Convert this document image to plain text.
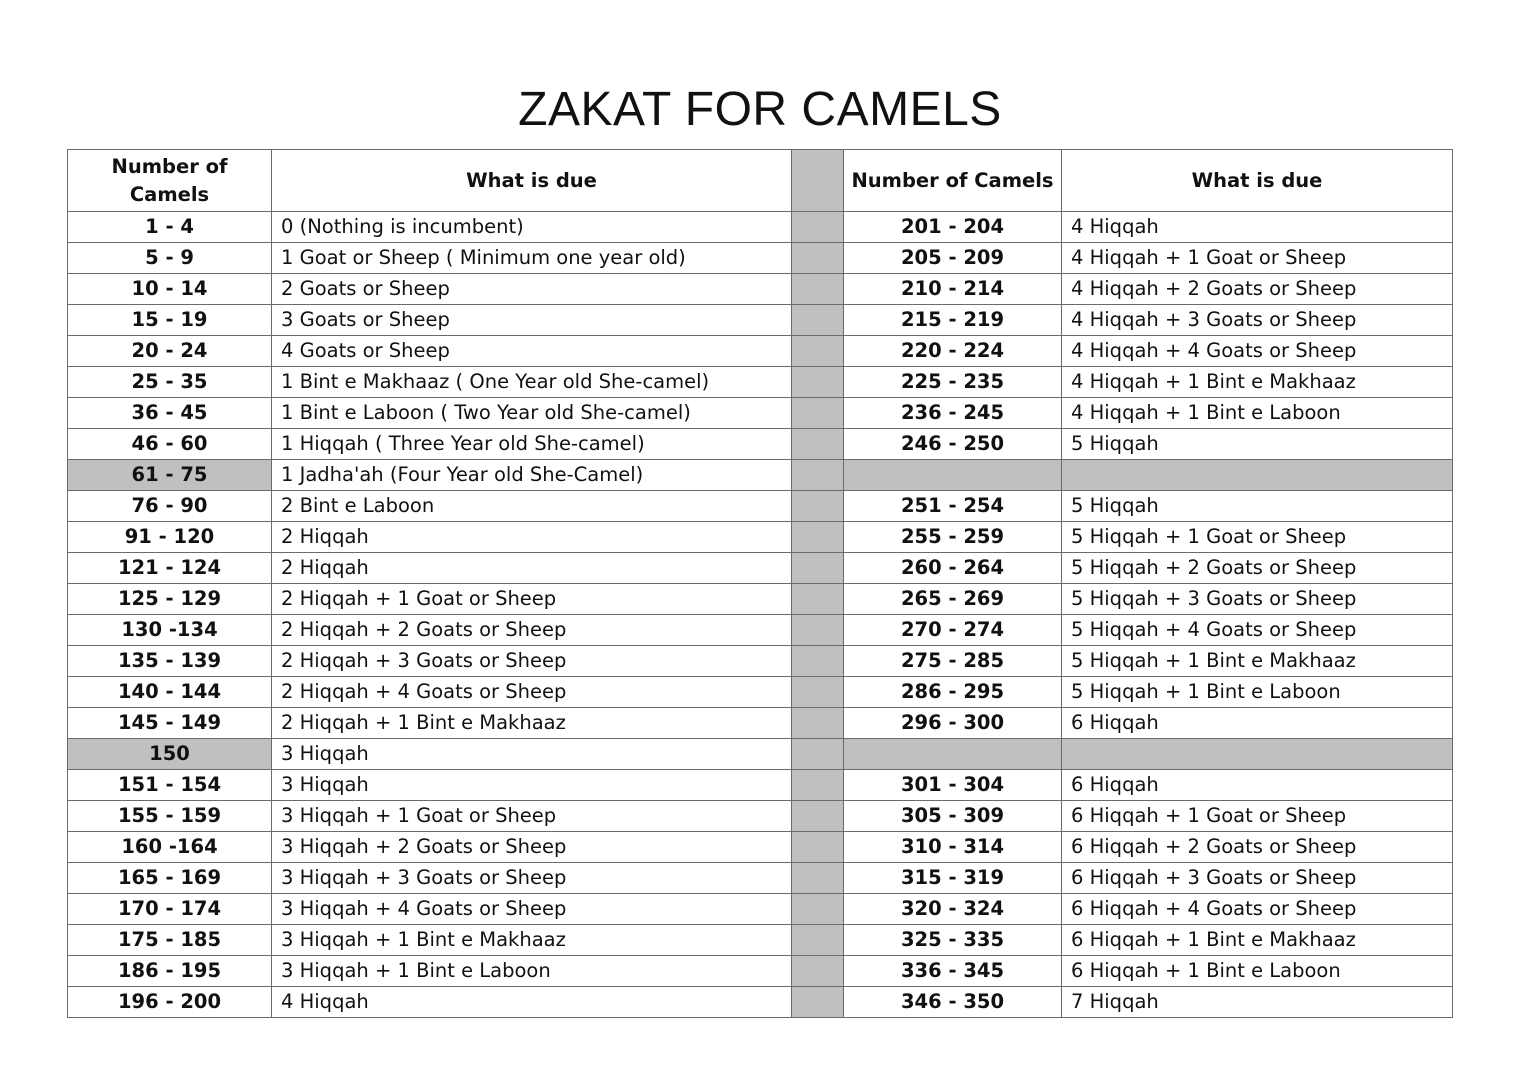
ZAKAT FOR CAMELS
Number of Camels	What is due		Number of Camels	What is due
1 - 4	0 (Nothing is incumbent)		201 - 204	4 Hiqqah
5 - 9	1 Goat or Sheep ( Minimum one year old)		205 - 209	4 Hiqqah + 1 Goat or Sheep
10 - 14	2 Goats or Sheep		210 - 214	4 Hiqqah + 2 Goats or Sheep
15 - 19	3 Goats or Sheep		215 - 219	4 Hiqqah + 3 Goats or Sheep
20 - 24	4 Goats or Sheep		220 - 224	4 Hiqqah + 4 Goats or Sheep
25 - 35	1 Bint e Makhaaz ( One Year old She-camel)		225 - 235	4 Hiqqah + 1 Bint e Makhaaz
36 - 45	1 Bint e Laboon ( Two Year old She-camel)		236 - 245	4 Hiqqah + 1 Bint e Laboon
46 - 60	1 Hiqqah ( Three Year old She-camel)		246 - 250	5 Hiqqah
61 - 75	1 Jadha'ah (Four Year old She-Camel)			
76 - 90	2 Bint e Laboon		251 - 254	5 Hiqqah
91 - 120	2 Hiqqah		255 - 259	5 Hiqqah + 1 Goat or Sheep
121 - 124	2 Hiqqah		260 - 264	5 Hiqqah + 2 Goats or Sheep
125 - 129	2 Hiqqah + 1 Goat or Sheep		265 - 269	5 Hiqqah + 3 Goats or Sheep
130 -134	2 Hiqqah + 2 Goats or Sheep		270 - 274	5 Hiqqah + 4 Goats or Sheep
135 - 139	2 Hiqqah + 3 Goats or Sheep		275 - 285	5 Hiqqah + 1 Bint e Makhaaz
140 - 144	2 Hiqqah + 4 Goats or Sheep		286 - 295	5 Hiqqah + 1 Bint e Laboon
145 - 149	2 Hiqqah + 1 Bint e Makhaaz		296 - 300	6 Hiqqah
150	3 Hiqqah			
151 - 154	3 Hiqqah		301 - 304	6 Hiqqah
155 - 159	3 Hiqqah + 1 Goat or Sheep		305 - 309	6 Hiqqah + 1 Goat or Sheep
160 -164	3 Hiqqah + 2 Goats or Sheep		310 - 314	6 Hiqqah + 2 Goats or Sheep
165 - 169	3 Hiqqah + 3 Goats or Sheep		315 - 319	6 Hiqqah + 3 Goats or Sheep
170 - 174	3 Hiqqah + 4 Goats or Sheep		320 - 324	6 Hiqqah + 4 Goats or Sheep
175 - 185	3 Hiqqah + 1 Bint e Makhaaz		325 - 335	6 Hiqqah + 1 Bint e Makhaaz
186 - 195	3 Hiqqah + 1 Bint e Laboon		336 - 345	6 Hiqqah + 1 Bint e Laboon
196 - 200	4 Hiqqah		346 - 350	7 Hiqqah
